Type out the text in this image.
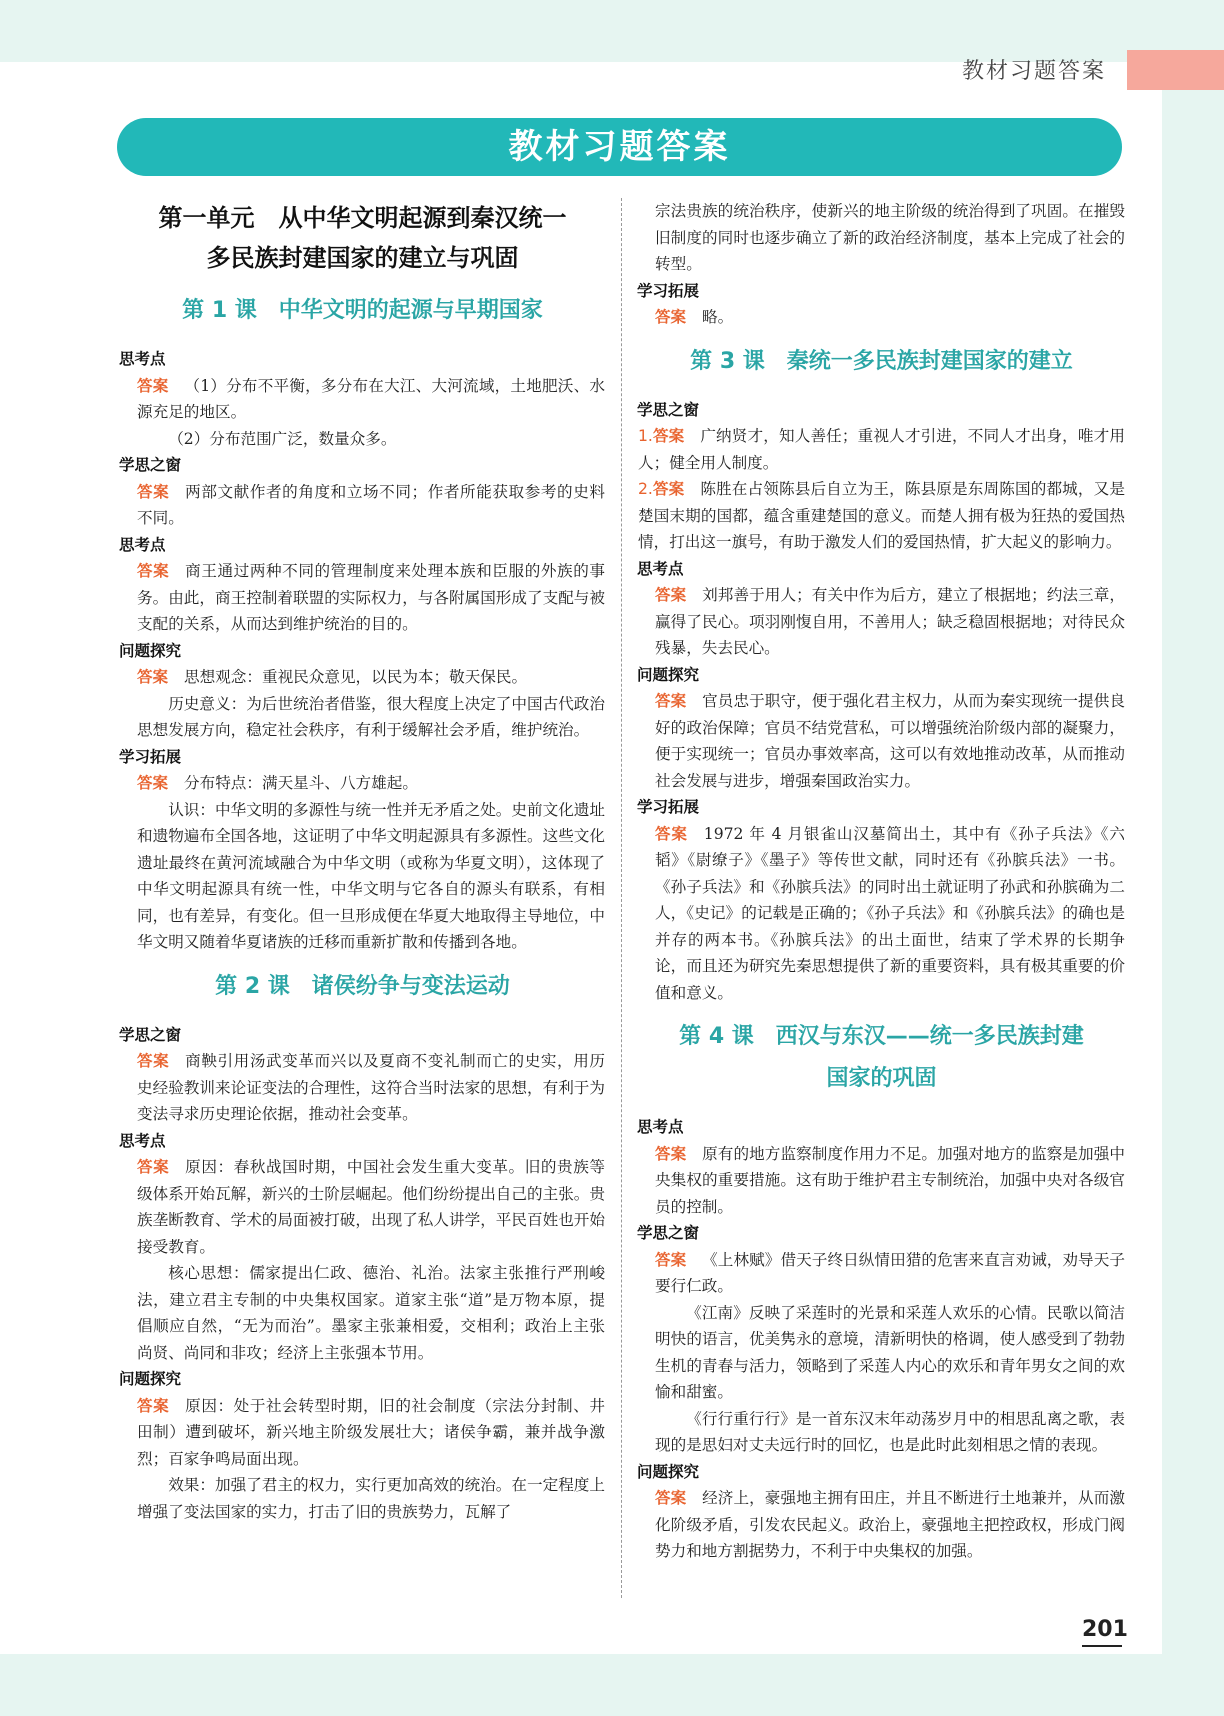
教材习题答案
教材习题答案
第一单元　从中华文明起源到秦汉统一
多民族封建国家的建立与巩固
第 1 课　中华文明的起源与早期国家
思考点
答案 （1）分布不平衡，多分布在大江、大河流域，土地肥沃、水源充足的地区。
（2）分布范围广泛，数量众多。
学思之窗
答案 两部文献作者的角度和立场不同；作者所能获取参考的史料不同。
思考点
答案 商王通过两种不同的管理制度来处理本族和臣服的外族的事务。由此，商王控制着联盟的实际权力，与各附属国形成了支配与被支配的关系，从而达到维护统治的目的。
问题探究
答案 思想观念：重视民众意见，以民为本；敬天保民。
历史意义：为后世统治者借鉴，很大程度上决定了中国古代政治思想发展方向，稳定社会秩序，有利于缓解社会矛盾，维护统治。
学习拓展
答案 分布特点：满天星斗、八方雄起。
认识：中华文明的多源性与统一性并无矛盾之处。史前文化遗址和遗物遍布全国各地，这证明了中华文明起源具有多源性。这些文化遗址最终在黄河流域融合为中华文明（或称为华夏文明），这体现了中华文明起源具有统一性，中华文明与它各自的源头有联系，有相同，也有差异，有变化。但一旦形成便在华夏大地取得主导地位，中华文明又随着华夏诸族的迁移而重新扩散和传播到各地。
第 2 课　诸侯纷争与变法运动
学思之窗
答案 商鞅引用汤武变革而兴以及夏商不变礼制而亡的史实，用历史经验教训来论证变法的合理性，这符合当时法家的思想，有利于为变法寻求历史理论依据，推动社会变革。
思考点
答案 原因：春秋战国时期，中国社会发生重大变革。旧的贵族等级体系开始瓦解，新兴的士阶层崛起。他们纷纷提出自己的主张。贵族垄断教育、学术的局面被打破，出现了私人讲学，平民百姓也开始接受教育。
核心思想：儒家提出仁政、德治、礼治。法家主张推行严刑峻法，建立君主专制的中央集权国家。道家主张“道”是万物本原，提倡顺应自然，“无为而治”。墨家主张兼相爱，交相利；政治上主张尚贤、尚同和非攻；经济上主张强本节用。
问题探究
答案 原因：处于社会转型时期，旧的社会制度（宗法分封制、井田制）遭到破坏，新兴地主阶级发展壮大；诸侯争霸，兼并战争激烈；百家争鸣局面出现。
效果：加强了君主的权力，实行更加高效的统治。在一定程度上增强了变法国家的实力，打击了旧的贵族势力，瓦解了
宗法贵族的统治秩序，使新兴的地主阶级的统治得到了巩固。在摧毁旧制度的同时也逐步确立了新的政治经济制度，基本上完成了社会的转型。
学习拓展
答案 略。
第 3 课　秦统一多民族封建国家的建立
学思之窗
1.答案 广纳贤才，知人善任；重视人才引进，不同人才出身，唯才用人；健全用人制度。
2.答案 陈胜在占领陈县后自立为王，陈县原是东周陈国的都城，又是楚国末期的国都，蕴含重建楚国的意义。而楚人拥有极为狂热的爱国热情，打出这一旗号，有助于激发人们的爱国热情，扩大起义的影响力。
思考点
答案 刘邦善于用人；有关中作为后方，建立了根据地；约法三章，赢得了民心。项羽刚愎自用，不善用人；缺乏稳固根据地；对待民众残暴，失去民心。
问题探究
答案 官员忠于职守，便于强化君主权力，从而为秦实现统一提供良好的政治保障；官员不结党营私，可以增强统治阶级内部的凝聚力，便于实现统一；官员办事效率高，这可以有效地推动改革，从而推动社会发展与进步，增强秦国政治实力。
学习拓展
答案 1972 年 4 月银雀山汉墓简出土，其中有《孙子兵法》《六韬》《尉缭子》《墨子》等传世文献，同时还有《孙膑兵法》一书。《孙子兵法》和《孙膑兵法》的同时出土就证明了孙武和孙膑确为二人，《史记》的记载是正确的；《孙子兵法》和《孙膑兵法》的确也是并存的两本书。《孙膑兵法》的出土面世，结束了学术界的长期争论，而且还为研究先秦思想提供了新的重要资料，具有极其重要的价值和意义。
第 4 课　西汉与东汉——统一多民族封建
国家的巩固
思考点
答案 原有的地方监察制度作用力不足。加强对地方的监察是加强中央集权的重要措施。这有助于维护君主专制统治，加强中央对各级官员的控制。
学思之窗
答案 《上林赋》借天子终日纵情田猎的危害来直言劝诫，劝导天子要行仁政。
《江南》反映了采莲时的光景和采莲人欢乐的心情。民歌以简洁明快的语言，优美隽永的意境，清新明快的格调，使人感受到了勃勃生机的青春与活力，领略到了采莲人内心的欢乐和青年男女之间的欢愉和甜蜜。
《行行重行行》是一首东汉末年动荡岁月中的相思乱离之歌，表现的是思妇对丈夫远行时的回忆，也是此时此刻相思之情的表现。
问题探究
答案 经济上，豪强地主拥有田庄，并且不断进行土地兼并，从而激化阶级矛盾，引发农民起义。政治上，豪强地主把控政权，形成门阀势力和地方割据势力，不利于中央集权的加强。
201
